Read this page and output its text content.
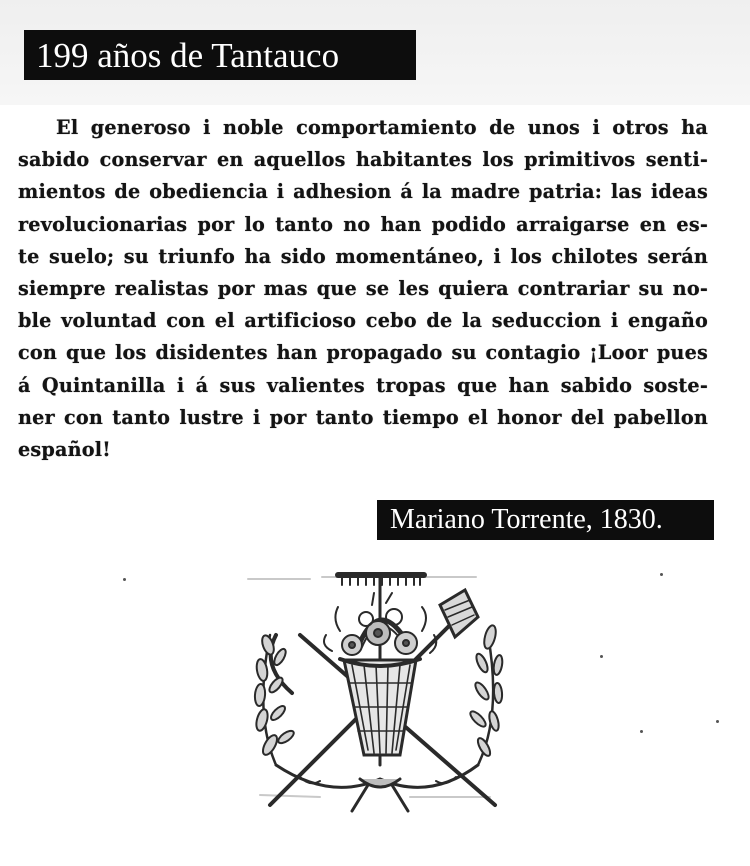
199 años de Tantauco
El generoso i noble comportamiento de unos i otros ha
sabido conservar en aquellos habitantes los primitivos senti-
mientos de obediencia i adhesion á la madre patria: las ideas
revolucionarias por lo tanto no han podido arraigarse en es-
te suelo; su triunfo ha sido momentáneo, i los chilotes serán
siempre realistas por mas que se les quiera contrariar su no-
ble voluntad con el artificioso cebo de la seduccion i engaño
con que los disidentes han propagado su contagio ¡Loor pues
á Quintanilla i á sus valientes tropas que han sabido soste-
ner con tanto lustre i por tanto tiempo el honor del pabellon
español!
Mariano Torrente, 1830.
